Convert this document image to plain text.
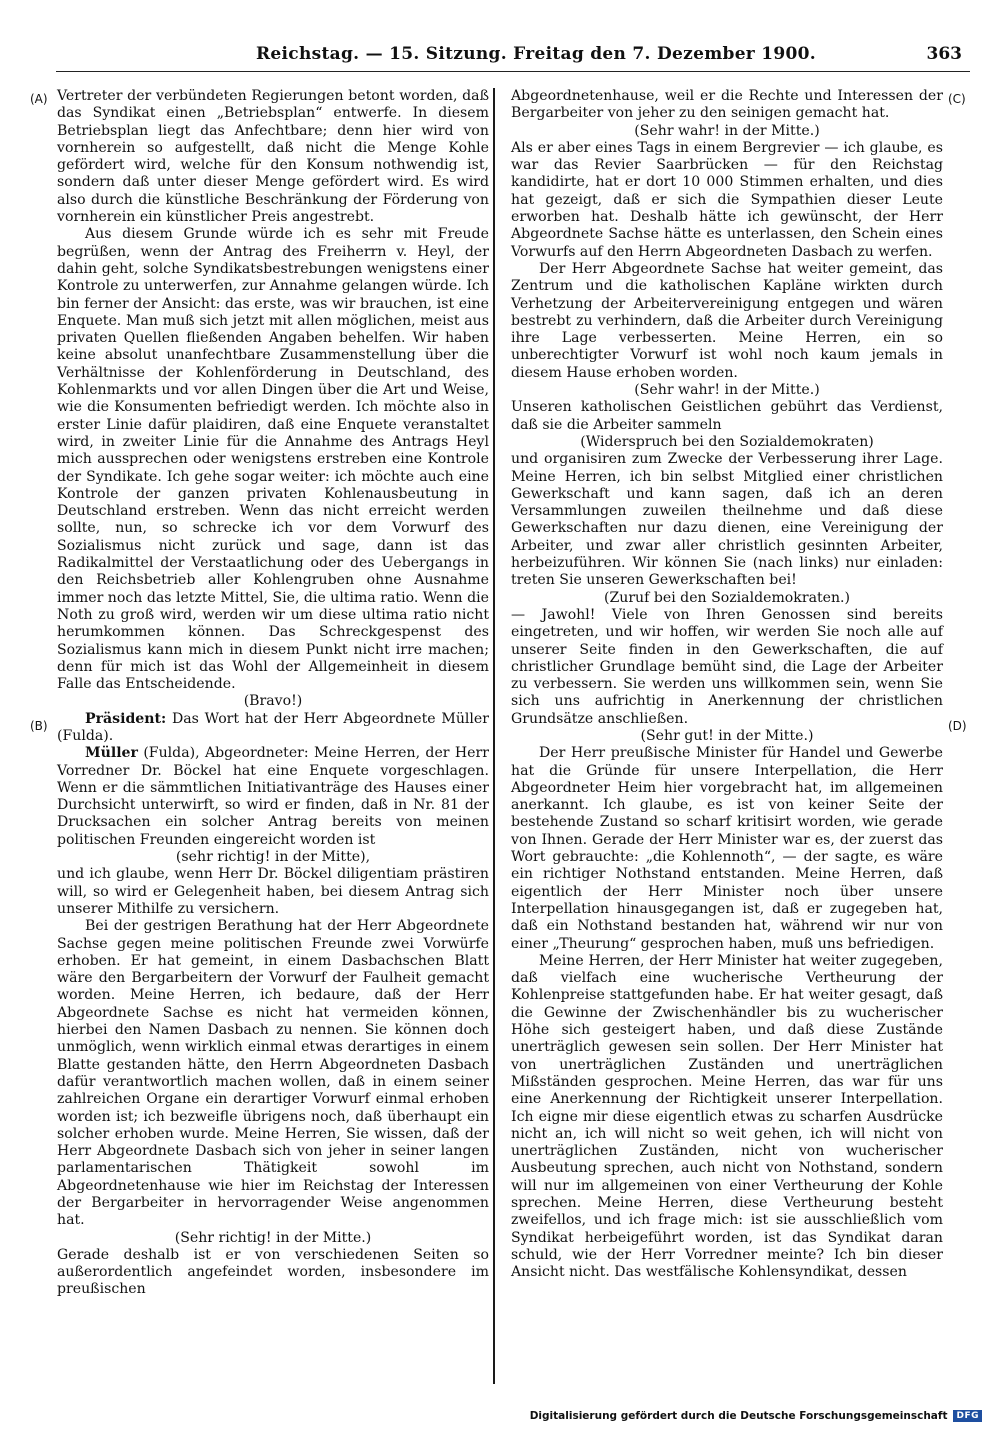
Reichstag. — 15. Sitzung. Freitag den 7. Dezember 1900.	363
(A)
(B)
(C)
(D)

Vertreter der verbündeten Regierungen betont worden, daß das Syndikat einen „Betriebsplan“ entwerfe. In diesem Betriebsplan liegt das Anfechtbare; denn hier wird von vornherein so aufgestellt, daß nicht die Menge Kohle gefördert wird, welche für den Konsum nothwendig ist, sondern daß unter dieser Menge gefördert wird. Es wird also durch die künstliche Beschränkung der Förderung von vornherein ein künstlicher Preis angestrebt.

Aus diesem Grunde würde ich es sehr mit Freude begrüßen, wenn der Antrag des Freiherrn v. Heyl, der dahin geht, solche Syndikatsbestrebungen wenigstens einer Kontrole zu unterwerfen, zur Annahme gelangen würde. Ich bin ferner der Ansicht: das erste, was wir brauchen, ist eine Enquete. Man muß sich jetzt mit allen möglichen, meist aus privaten Quellen fließenden Angaben behelfen. Wir haben keine absolut unanfechtbare Zusammenstellung über die Verhältnisse der Kohlenförderung in Deutschland, des Kohlenmarkts und vor allen Dingen über die Art und Weise, wie die Konsumenten befriedigt werden. Ich möchte also in erster Linie dafür plaidiren, daß eine Enquete veranstaltet wird, in zweiter Linie für die Annahme des Antrags Heyl mich aussprechen oder wenigstens erstreben eine Kontrole der Syndikate. Ich gehe sogar weiter: ich möchte auch eine Kontrole der ganzen privaten Kohlenausbeutung in Deutschland erstreben. Wenn das nicht erreicht werden sollte, nun, so schrecke ich vor dem Vorwurf des Sozialismus nicht zurück und sage, dann ist das Radikalmittel der Verstaatlichung oder des Uebergangs in den Reichsbetrieb aller Kohlengruben ohne Ausnahme immer noch das letzte Mittel, Sie, die ultima ratio. Wenn die Noth zu groß wird, werden wir um diese ultima ratio nicht herumkommen können. Das Schreckgespenst des Sozialismus kann mich in diesem Punkt nicht irre machen; denn für mich ist das Wohl der Allgemeinheit in diesem Falle das Entscheidende.

(Bravo!)

Präsident: Das Wort hat der Herr Abgeordnete Müller (Fulda).

Müller (Fulda), Abgeordneter: Meine Herren, der Herr Vorredner Dr. Böckel hat eine Enquete vorgeschlagen. Wenn er die sämmtlichen Initiativanträge des Hauses einer Durchsicht unterwirft, so wird er finden, daß in Nr. 81 der Drucksachen ein solcher Antrag bereits von meinen politischen Freunden eingereicht worden ist

(sehr richtig! in der Mitte),

und ich glaube, wenn Herr Dr. Böckel diligentiam prästiren will, so wird er Gelegenheit haben, bei diesem Antrag sich unserer Mithilfe zu versichern.

Bei der gestrigen Berathung hat der Herr Abgeordnete Sachse gegen meine politischen Freunde zwei Vorwürfe erhoben. Er hat gemeint, in einem Dasbachschen Blatt wäre den Bergarbeitern der Vorwurf der Faulheit gemacht worden. Meine Herren, ich bedaure, daß der Herr Abgeordnete Sachse es nicht hat vermeiden können, hierbei den Namen Dasbach zu nennen. Sie können doch unmöglich, wenn wirklich einmal etwas derartiges in einem Blatte gestanden hätte, den Herrn Abgeordneten Dasbach dafür verantwortlich machen wollen, daß in einem seiner zahlreichen Organe ein derartiger Vorwurf einmal erhoben worden ist; ich bezweifle übrigens noch, daß überhaupt ein solcher erhoben wurde. Meine Herren, Sie wissen, daß der Herr Abgeordnete Dasbach sich von jeher in seiner langen parlamentarischen Thätigkeit sowohl im Abgeordnetenhause wie hier im Reichstag der Interessen der Bergarbeiter in hervorragender Weise angenommen hat.

(Sehr richtig! in der Mitte.)

Gerade deshalb ist er von verschiedenen Seiten so außerordentlich angefeindet worden, insbesondere im preußischen

Abgeordnetenhause, weil er die Rechte und Interessen der Bergarbeiter von jeher zu den seinigen gemacht hat.

(Sehr wahr! in der Mitte.)

Als er aber eines Tags in einem Bergrevier — ich glaube, es war das Revier Saarbrücken — für den Reichstag kandidirte, hat er dort 10 000 Stimmen erhalten, und dies hat gezeigt, daß er sich die Sympathien dieser Leute erworben hat. Deshalb hätte ich gewünscht, der Herr Abgeordnete Sachse hätte es unterlassen, den Schein eines Vorwurfs auf den Herrn Abgeordneten Dasbach zu werfen.

Der Herr Abgeordnete Sachse hat weiter gemeint, das Zentrum und die katholischen Kapläne wirkten durch Verhetzung der Arbeitervereinigung entgegen und wären bestrebt zu verhindern, daß die Arbeiter durch Vereinigung ihre Lage verbesserten. Meine Herren, ein so unberechtigter Vorwurf ist wohl noch kaum jemals in diesem Hause erhoben worden.

(Sehr wahr! in der Mitte.)

Unseren katholischen Geistlichen gebührt das Verdienst, daß sie die Arbeiter sammeln

(Widerspruch bei den Sozialdemokraten)

und organisiren zum Zwecke der Verbesserung ihrer Lage. Meine Herren, ich bin selbst Mitglied einer christlichen Gewerkschaft und kann sagen, daß ich an deren Versammlungen zuweilen theilnehme und daß diese Gewerkschaften nur dazu dienen, eine Vereinigung der Arbeiter, und zwar aller christlich gesinnten Arbeiter, herbeizuführen. Wir können Sie (nach links) nur einladen: treten Sie unseren Gewerkschaften bei!

(Zuruf bei den Sozialdemokraten.)

— Jawohl! Viele von Ihren Genossen sind bereits eingetreten, und wir hoffen, wir werden Sie noch alle auf unserer Seite finden in den Gewerkschaften, die auf christlicher Grundlage bemüht sind, die Lage der Arbeiter zu verbessern. Sie werden uns willkommen sein, wenn Sie sich uns aufrichtig in Anerkennung der christlichen Grundsätze anschließen.

(Sehr gut! in der Mitte.)

Der Herr preußische Minister für Handel und Gewerbe hat die Gründe für unsere Interpellation, die Herr Abgeordneter Heim hier vorgebracht hat, im allgemeinen anerkannt. Ich glaube, es ist von keiner Seite der bestehende Zustand so scharf kritisirt worden, wie gerade von Ihnen. Gerade der Herr Minister war es, der zuerst das Wort gebrauchte: „die Kohlennoth“, — der sagte, es wäre ein richtiger Nothstand entstanden. Meine Herren, daß eigentlich der Herr Minister noch über unsere Interpellation hinausgegangen ist, daß er zugegeben hat, daß ein Nothstand bestanden hat, während wir nur von einer „Theurung“ gesprochen haben, muß uns befriedigen.

Meine Herren, der Herr Minister hat weiter zugegeben, daß vielfach eine wucherische Vertheurung der Kohlenpreise stattgefunden habe. Er hat weiter gesagt, daß die Gewinne der Zwischenhändler bis zu wucherischer Höhe sich gesteigert haben, und daß diese Zustände unerträglich gewesen sein sollen. Der Herr Minister hat von unerträglichen Zuständen und unerträglichen Mißständen gesprochen. Meine Herren, das war für uns eine Anerkennung der Richtigkeit unserer Interpellation. Ich eigne mir diese eigentlich etwas zu scharfen Ausdrücke nicht an, ich will nicht so weit gehen, ich will nicht von unerträglichen Zuständen, nicht von wucherischer Ausbeutung sprechen, auch nicht von Nothstand, sondern will nur im allgemeinen von einer Vertheurung der Kohle sprechen. Meine Herren, diese Vertheurung besteht zweifellos, und ich frage mich: ist sie ausschließlich vom Syndikat herbeigeführt worden, ist das Syndikat daran schuld, wie der Herr Vorredner meinte? Ich bin dieser Ansicht nicht. Das westfälische Kohlensyndikat, dessen

Digitalisierung gefördert durch die Deutsche Forschungsgemeinschaft	DFG
